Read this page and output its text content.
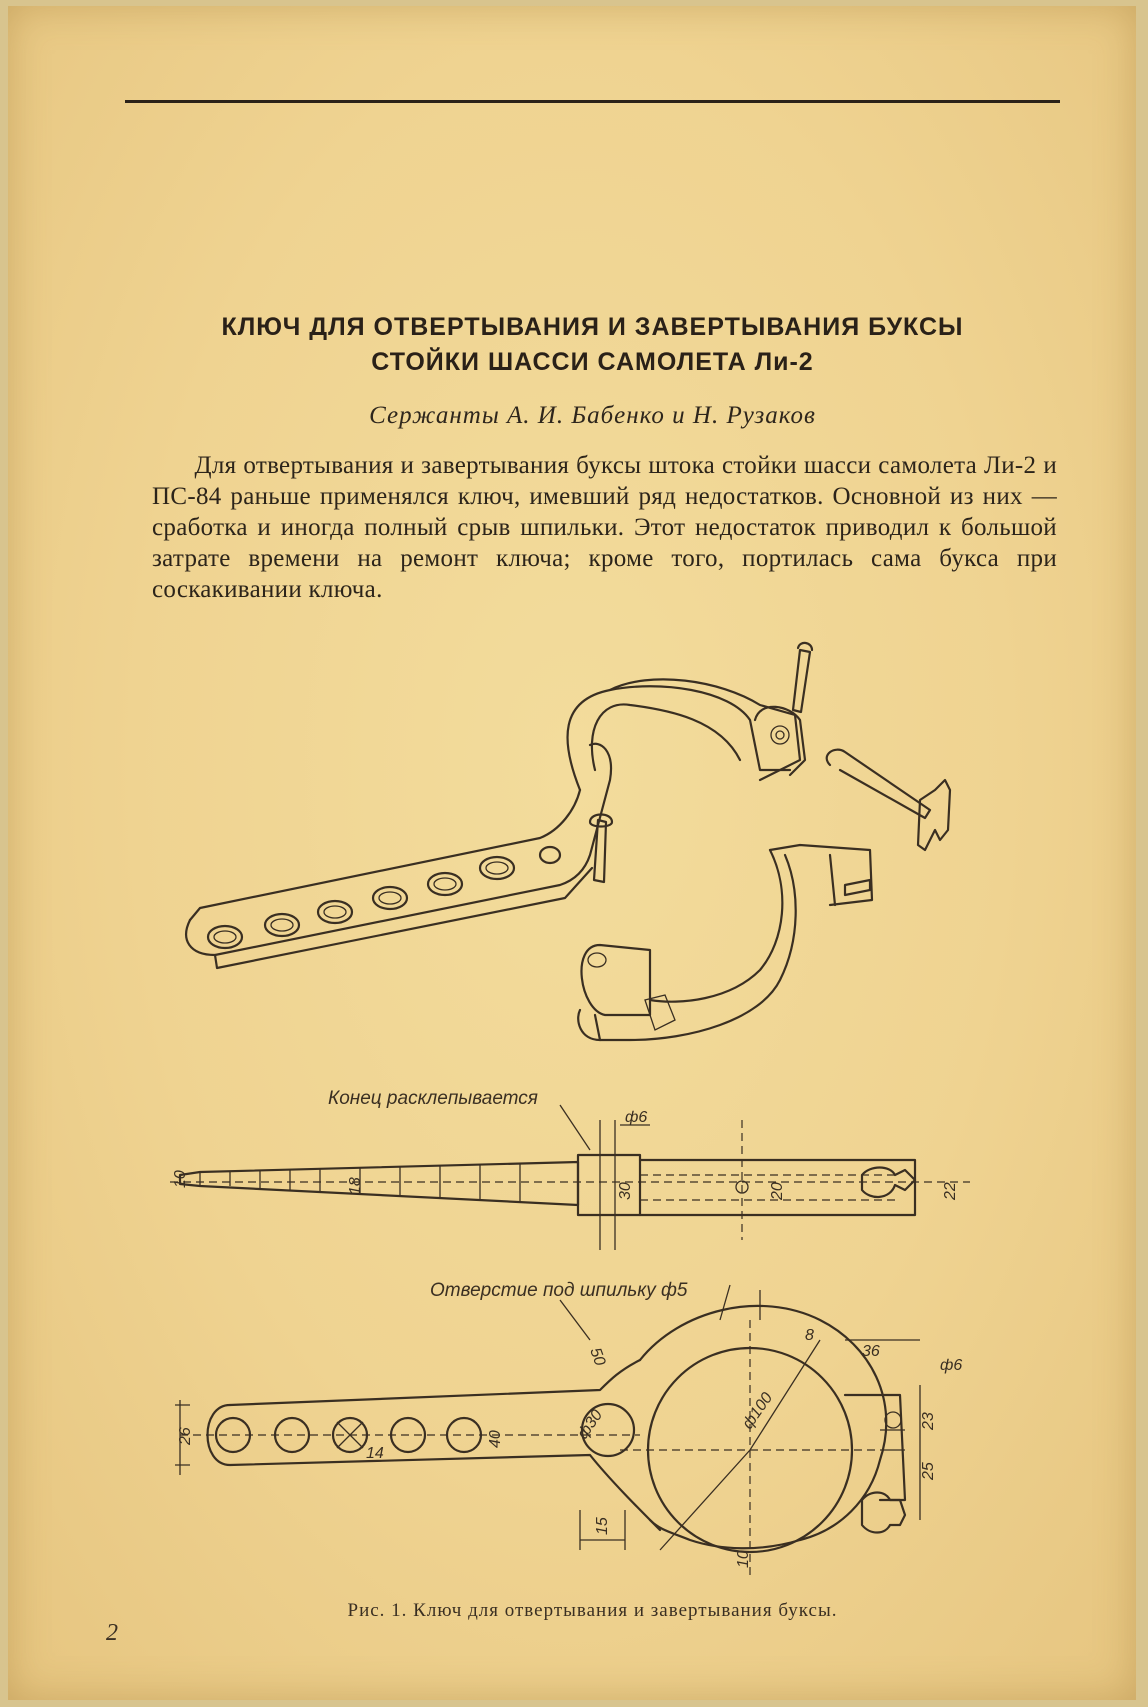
КЛЮЧ ДЛЯ ОТВЕРТЫВАНИЯ И ЗАВЕРТЫВАНИЯ БУКСЫ
СТОЙКИ ШАССИ САМОЛЕТА Ли-2
Сержанты А. И. Бабенко и Н. Рузаков
Для отвертывания и завертывания буксы штока стойки шасси самолета Ли-2 и ПС-84 раньше применялся ключ, имевший ряд недостатков. Основной из них — сработка и иногда полный срыв шпильки. Этот недостаток приводил к большой затрате времени на ремонт ключа; кроме того, портилась сама букса при соскакивании ключа.
ф6
10	18	30	20	22
50
8
36
ф6
26	ф30
14
40
ф100	23
25
15
10
Конец расклепывается
Отверстие под шпильку ф5
Рис. 1. Ключ для отвертывания и завертывания буксы.
2
